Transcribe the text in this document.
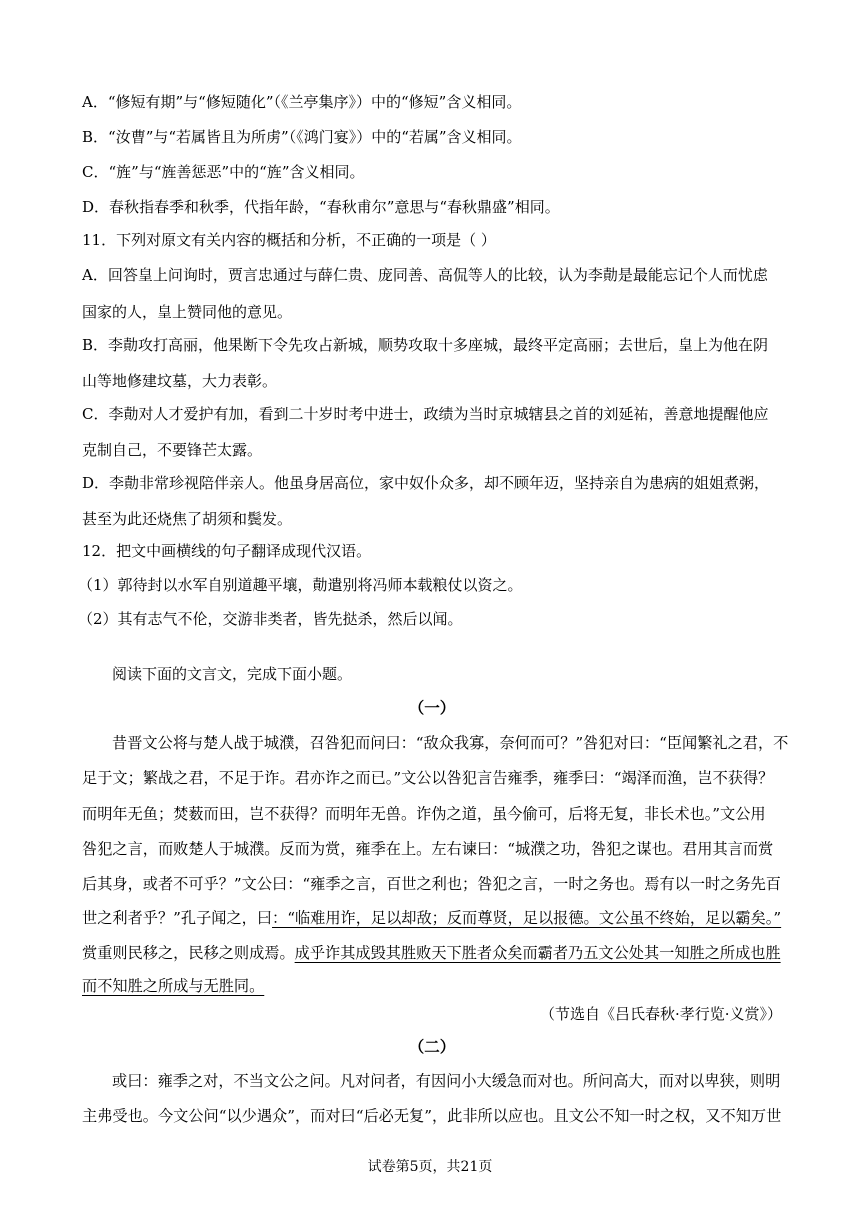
A．“修短有期”与“修短随化”（《兰亭集序》）中的“修短”含义相同。
B．“汝曹”与“若属皆且为所虏”（《鸿门宴》）中的“若属”含义相同。
C．“旌”与“旌善惩恶”中的“旌”含义相同。
D．春秋指春季和秋季，代指年龄，“春秋甫尔”意思与“春秋鼎盛”相同。
11．下列对原文有关内容的概括和分析，不正确的一项是（ ）
A．回答皇上问询时，贾言忠通过与薛仁贵、庞同善、高侃等人的比较，认为李勣是最能忘记个人而忧虑
国家的人，皇上赞同他的意见。
B．李勣攻打高丽，他果断下令先攻占新城，顺势攻取十多座城，最终平定高丽；去世后，皇上为他在阴
山等地修建坟墓，大力表彰。
C．李勣对人才爱护有加，看到二十岁时考中进士，政绩为当时京城辖县之首的刘延祐，善意地提醒他应
克制自己，不要锋芒太露。
D．李勣非常珍视陪伴亲人。他虽身居高位，家中奴仆众多，却不顾年迈，坚持亲自为患病的姐姐煮粥，
甚至为此还烧焦了胡须和鬓发。
12．把文中画横线的句子翻译成现代汉语。
（1）郭待封以水军自别道趣平壤，勣遣别将冯师本载粮仗以资之。
（2）其有志气不伦，交游非类者，皆先挞杀，然后以闻。
阅读下面的文言文，完成下面小题。
（一）
昔晋文公将与楚人战于城濮，召咎犯而问曰：“敌众我寡，奈何而可？”咎犯对曰：“臣闻繁礼之君，不
足于文；繁战之君，不足于诈。君亦诈之而已。”文公以咎犯言告雍季，雍季曰：“竭泽而渔，岂不获得？
而明年无鱼；焚薮而田，岂不获得？而明年无兽。诈伪之道，虽今偷可，后将无复，非长术也。”文公用
咎犯之言，而败楚人于城濮。反而为赏，雍季在上。左右谏曰：“城濮之功，咎犯之谋也。君用其言而赏
后其身，或者不可乎？”文公曰：“雍季之言，百世之利也；咎犯之言，一时之务也。焉有以一时之务先百
世之利者乎？”孔子闻之，曰：“临难用诈，足以却敌；反而尊贤，足以报德。文公虽不终始，足以霸矣。”
赏重则民移之，民移之则成焉。成乎诈其成毁其胜败天下胜者众矣而霸者乃五文公处其一知胜之所成也胜
而不知胜之所成与无胜同。
（节选自《吕氏春秋·孝行览·义赏》）
（二）
或曰：雍季之对，不当文公之问。凡对问者，有因问小大缓急而对也。所问高大，而对以卑狭，则明
主弗受也。今文公问“以少遇众”，而对曰“后必无复”，此非所以应也。且文公不知一时之权，又不知万世
试卷第5页，共21页
